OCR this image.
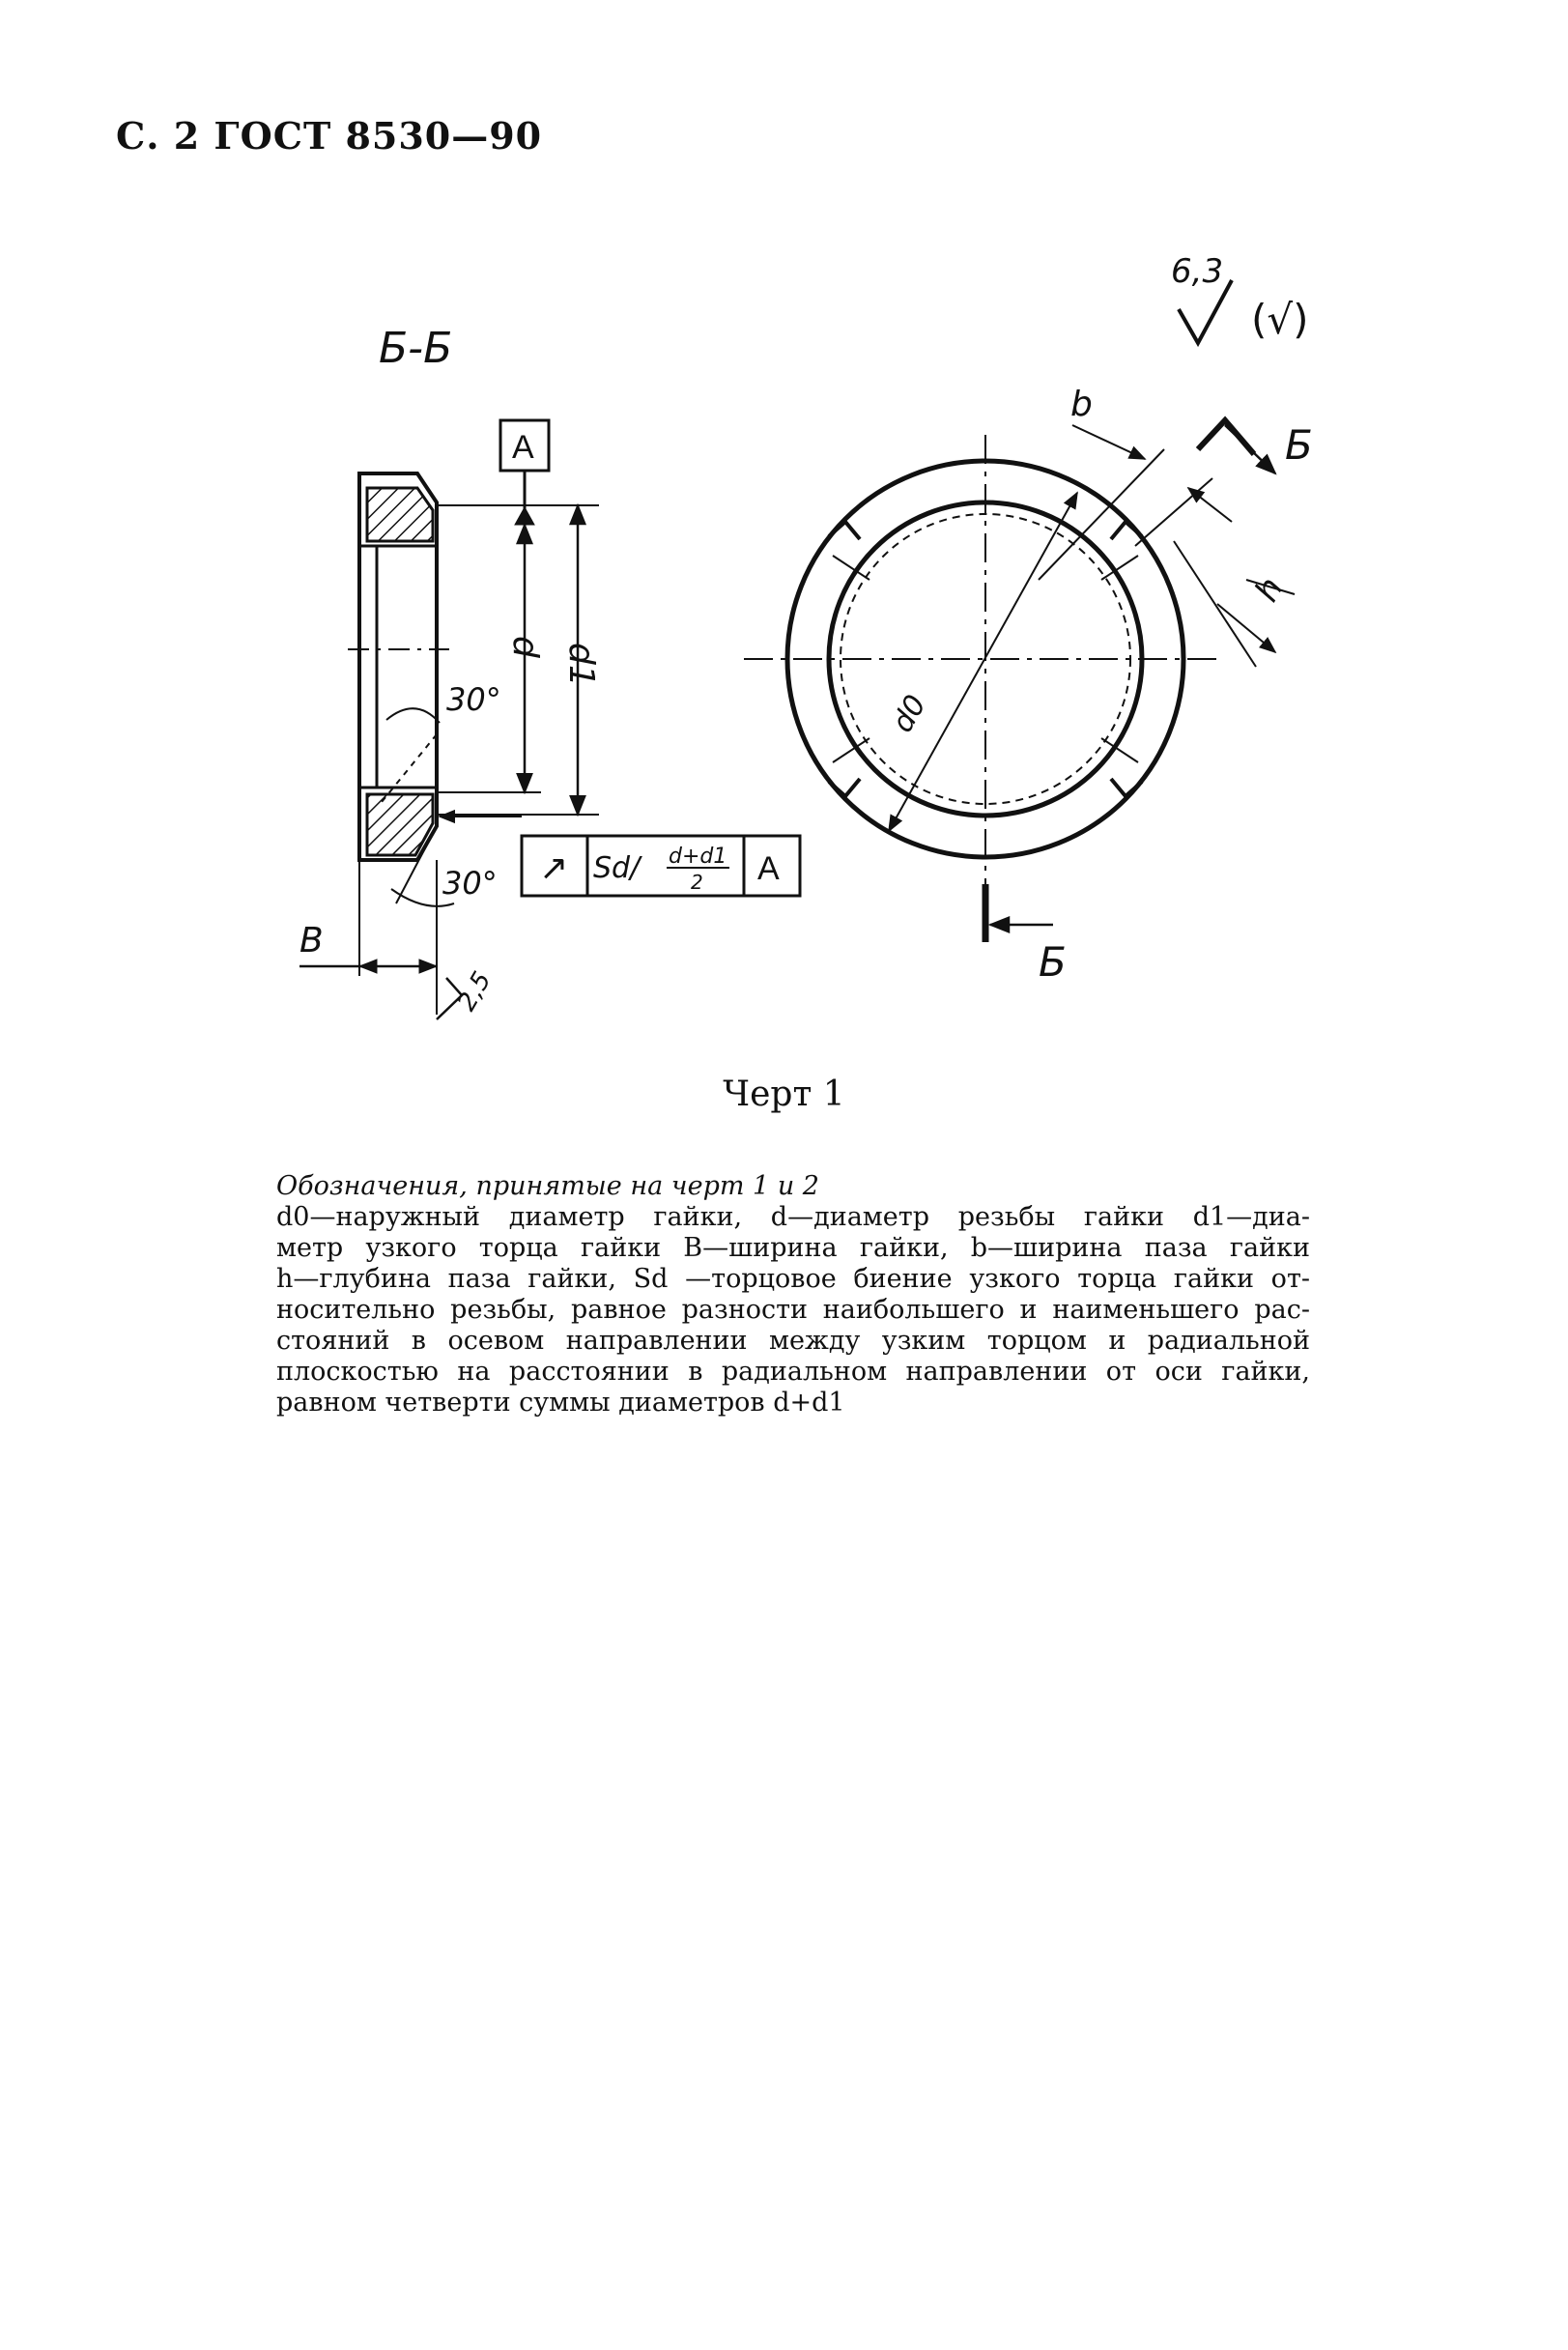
С. 2 ГОСТ 8530—90
Б-Б
A
d d1
30°
30° ↗ Sd/ d+d1
2 A
B
2,5
6,3
(√)
d0
b
h
Б
Б
Черт 1

Обозначения, принятые на черт 1 и 2

d0—наружный диаметр гайки, d—диаметр резьбы гайки d1—диа-

метр узкого торца гайки B—ширина гайки, b—ширина паза гайки

h—глубина паза гайки, Sd —торцовое биение узкого торца гайки от-

носительно резьбы, равное разности наибольшего и наименьшего рас-

стояний в осевом направлении между узким торцом и радиальной

плоскостью на расстоянии в радиальном направлении от оси гайки,

равном четверти суммы диаметров d+d1
